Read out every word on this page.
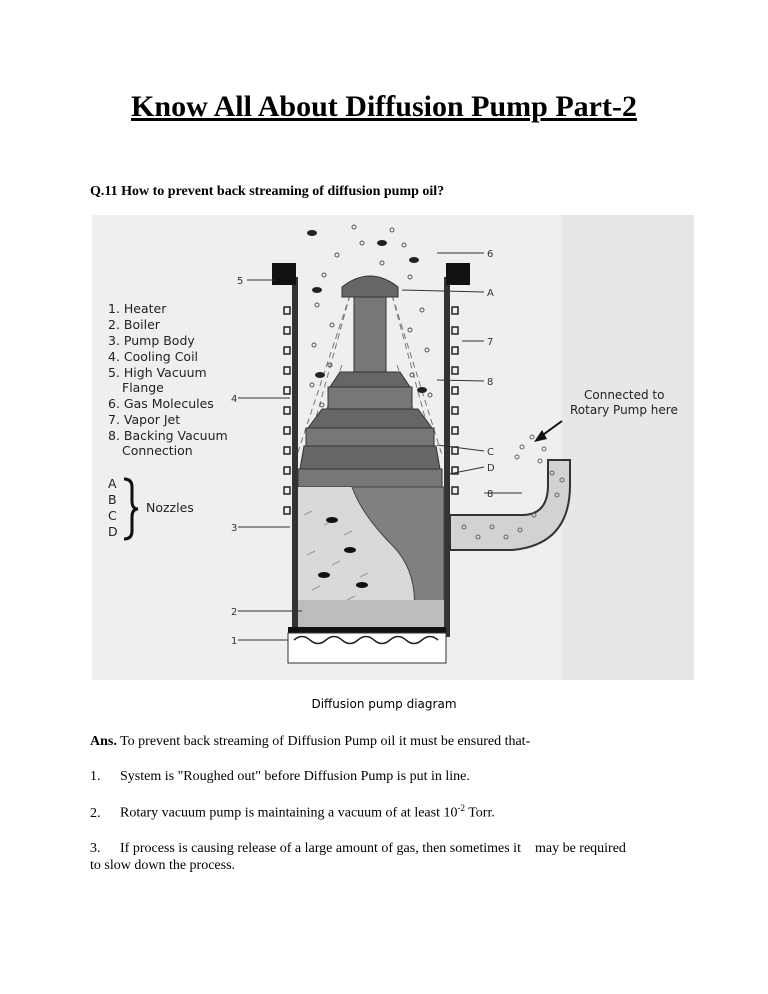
Know All About Diffusion Pump Part-2
Q.11 How to prevent back streaming of diffusion pump oil?
1. Heater
2. Boiler
3. Pump Body
4. Cooling Coil
5. High Vacuum
Flange
6. Gas Molecules
7. Vapor Jet
8. Backing Vacuum
Connection
A
B
C
D
Nozzles
Connected to
Rotary Pump here
1
2
3
4
5
6
7
8
A
C
D
8
Diffusion pump diagram
Ans. To prevent back streaming of Diffusion Pump oil it must be ensured that-
1. System is "Roughed out" before Diffusion Pump is put in line.
2. Rotary vacuum pump is maintaining a vacuum of at least $10^{-2}$ Torr.
3. If process is causing release of a large amount of gas, then sometimes it may be required
to slow down the process.
